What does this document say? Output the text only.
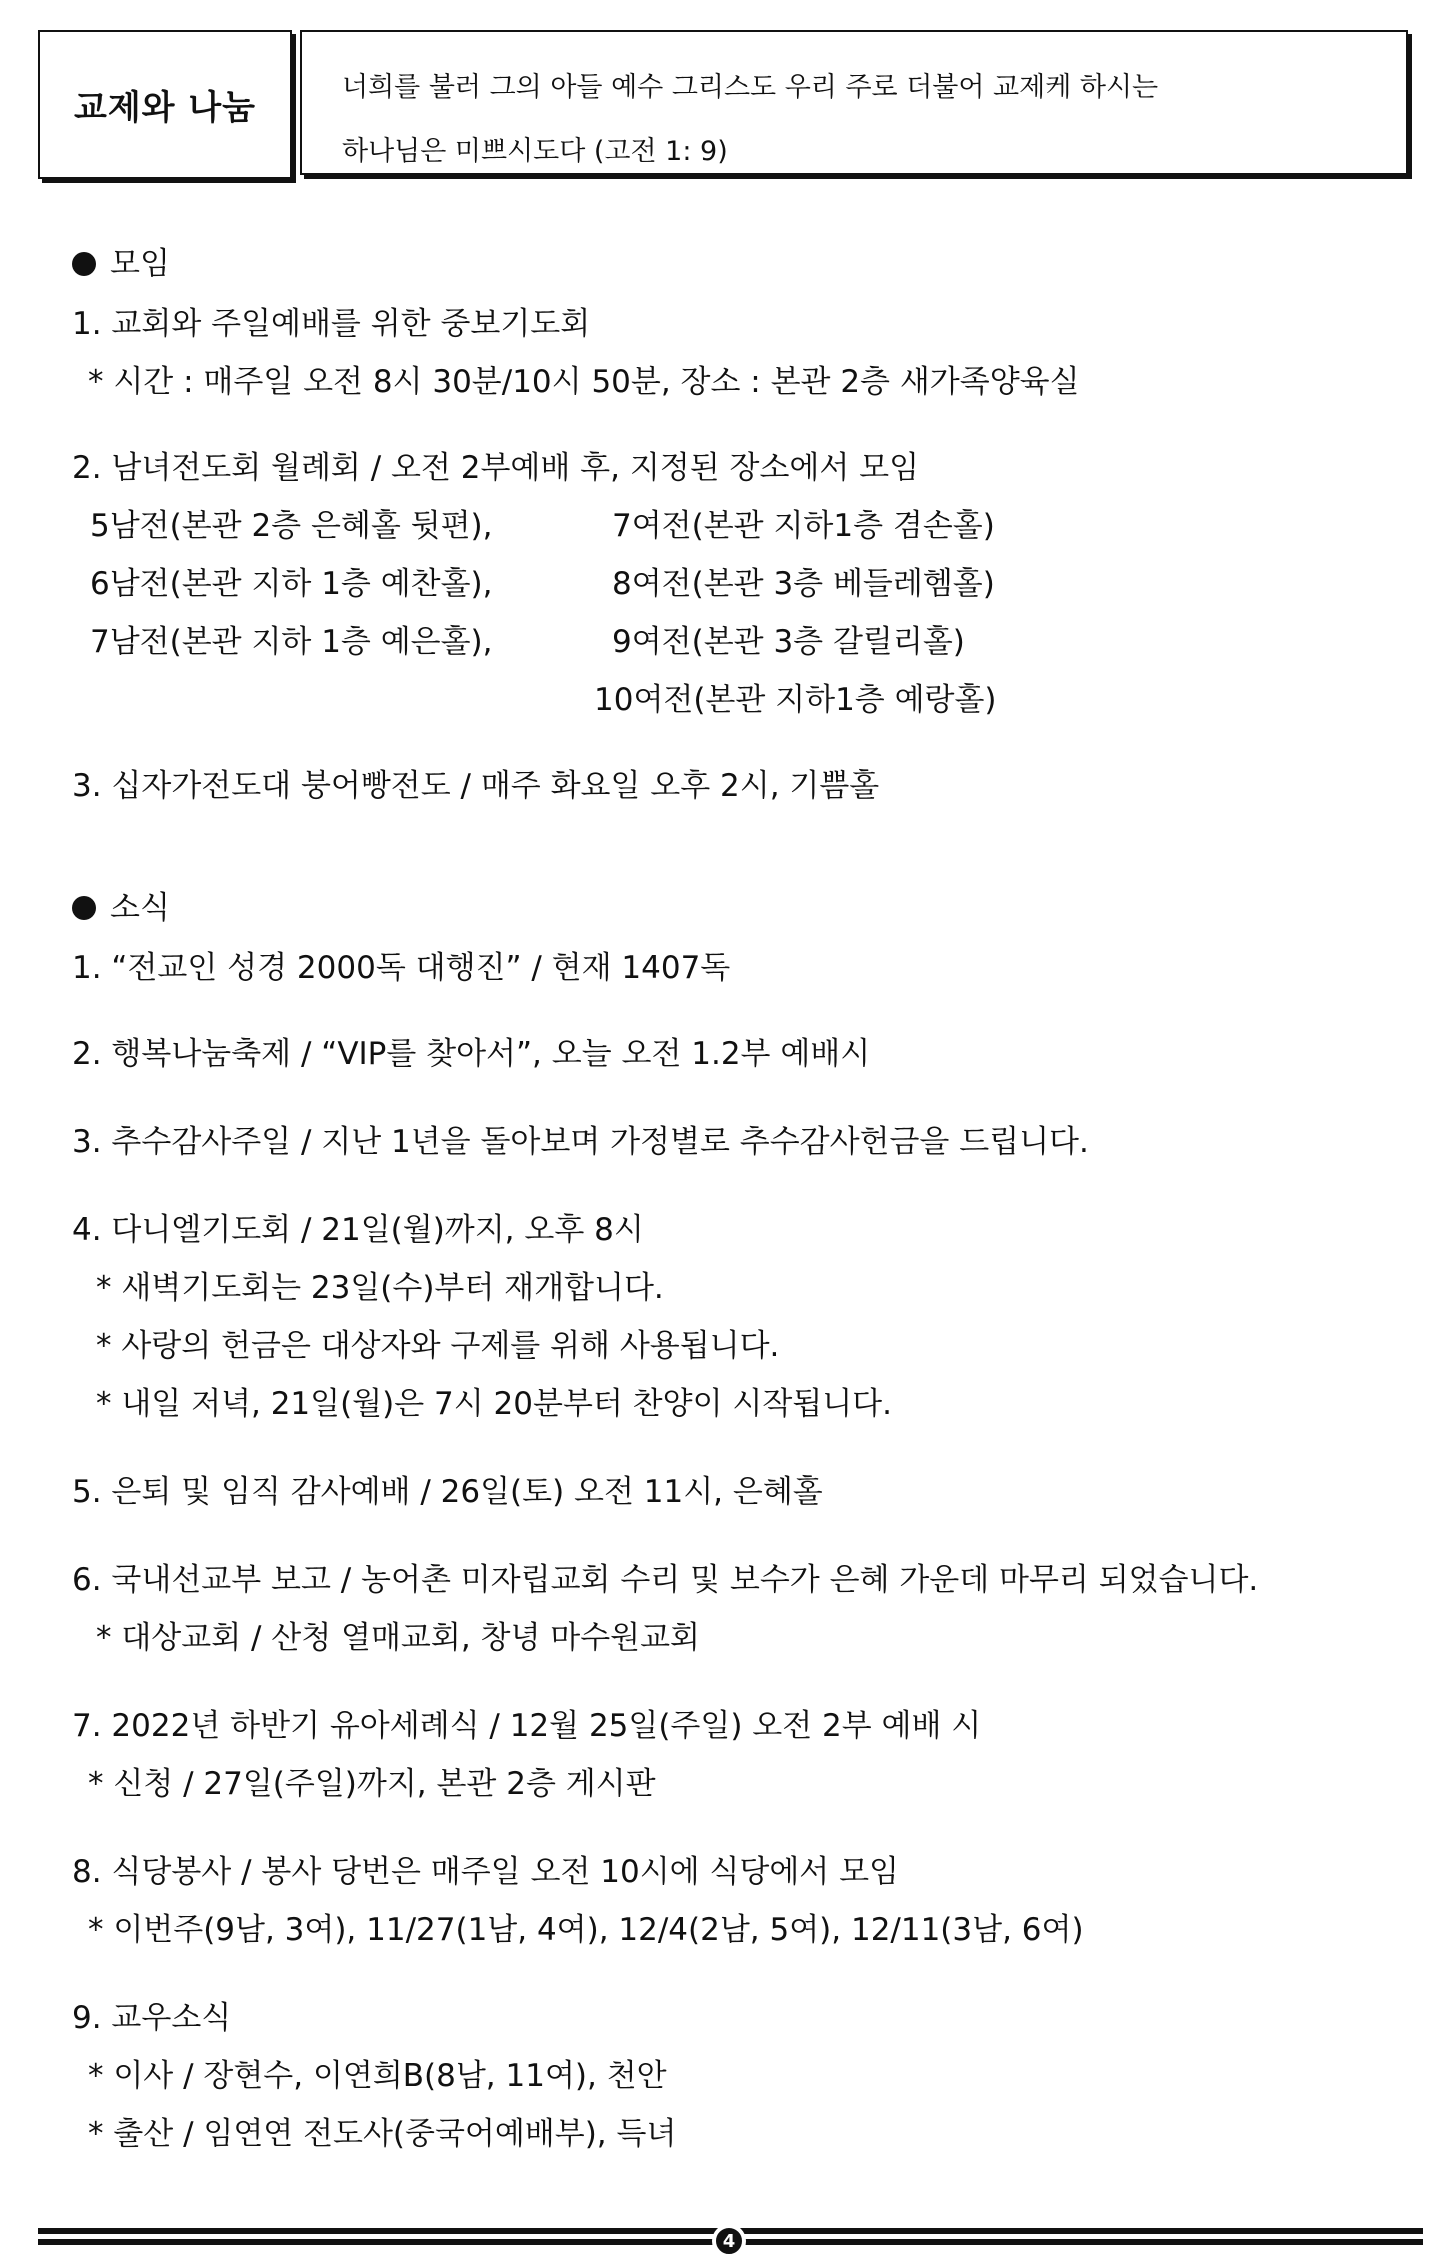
교제와 나눔
너희를 불러 그의 아들 예수 그리스도 우리 주로 더불어 교제케 하시는
하나님은 미쁘시도다 (고전 1: 9)
모임
1. 교회와 주일예배를 위한 중보기도회
* 시간 : 매주일 오전 8시 30분/10시 50분, 장소 : 본관 2층 새가족양육실
2. 남녀전도회 월례회 / 오전 2부예배 후, 지정된 장소에서 모임
5남전(본관 2층 은혜홀 뒷편),	7여전(본관 지하1층 겸손홀)
6남전(본관 지하 1층 예찬홀),	8여전(본관 3층 베들레헴홀)
7남전(본관 지하 1층 예은홀),	9여전(본관 3층 갈릴리홀)
10여전(본관 지하1층 예랑홀)
3. 십자가전도대 붕어빵전도 / 매주 화요일 오후 2시, 기쁨홀
소식
1. “전교인 성경 2000독 대행진” / 현재 1407독
2. 행복나눔축제 / “VIP를 찾아서”, 오늘 오전 1.2부 예배시
3. 추수감사주일 / 지난 1년을 돌아보며 가정별로 추수감사헌금을 드립니다.
4. 다니엘기도회 / 21일(월)까지, 오후 8시
* 새벽기도회는 23일(수)부터 재개합니다.
* 사랑의 헌금은 대상자와 구제를 위해 사용됩니다.
* 내일 저녁, 21일(월)은 7시 20분부터 찬양이 시작됩니다.
5. 은퇴 및 임직 감사예배 / 26일(토) 오전 11시, 은혜홀
6. 국내선교부 보고 / 농어촌 미자립교회 수리 및 보수가 은혜 가운데 마무리 되었습니다.
* 대상교회 / 산청 열매교회, 창녕 마수원교회
7. 2022년 하반기 유아세례식 / 12월 25일(주일) 오전 2부 예배 시
* 신청 / 27일(주일)까지, 본관 2층 게시판
8. 식당봉사 / 봉사 당번은 매주일 오전 10시에 식당에서 모임
* 이번주(9남, 3여), 11/27(1남, 4여), 12/4(2남, 5여), 12/11(3남, 6여)
9. 교우소식
* 이사 / 장현수, 이연희B(8남, 11여), 천안
* 출산 / 임연연 전도사(중국어예배부), 득녀
4
